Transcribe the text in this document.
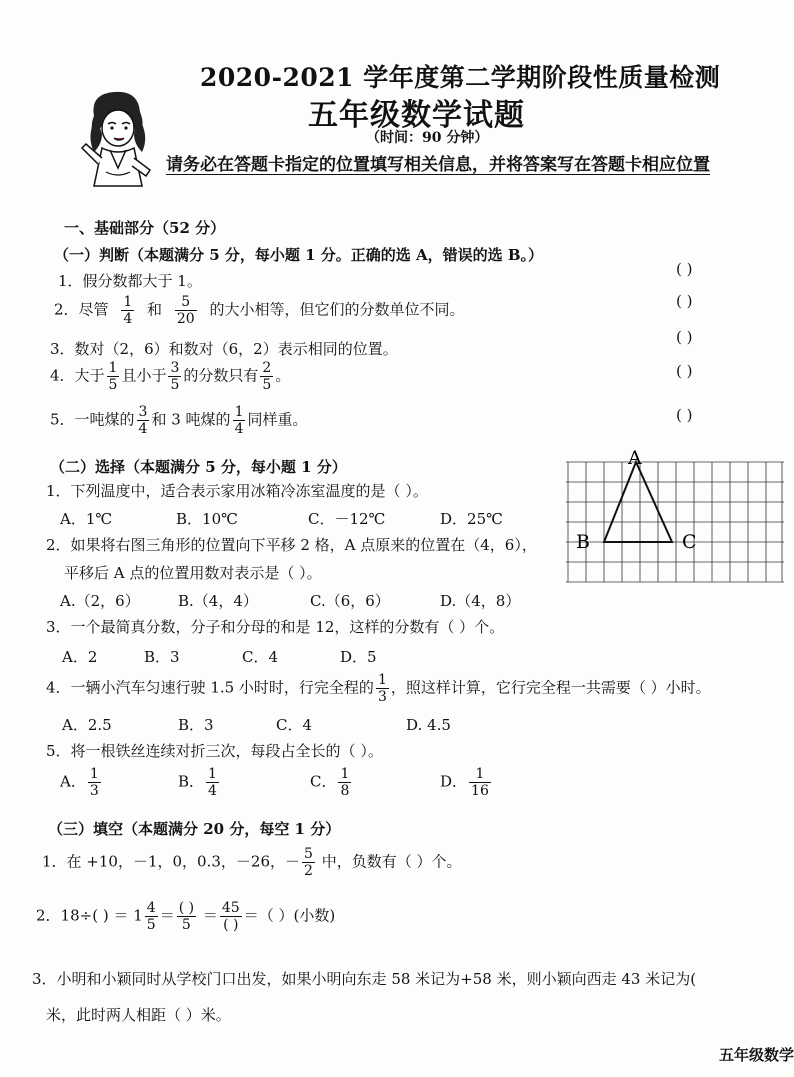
2020-2021 学年度第二学期阶段性质量检测
五年级数学试题
（时间：90 分钟）
请务必在答题卡指定的位置填写相关信息，并将答案写在答题卡相应位置
一、基础部分（52 分）
（一）判断（本题满分 5 分，每小题 1 分。正确的选 A，错误的选 B。）
1．假分数都大于 1。
( )
2．尽管 $\frac{1}{4}$ 和 $\frac{5}{20}$ 的大小相等，但它们的分数单位不同。	( )
3．数对（2，6）和数对（6，2）表示相同的位置。
( )
4．大于 $\frac{1}{5}$ 且小于 $\frac{3}{5}$ 的分数只有 $\frac{2}{5}$ 。	( )
5．一吨煤的 $\frac{3}{4}$ 和 3 吨煤的 $\frac{1}{4}$ 同样重。	( )
（二）选择（本题满分 5 分，每小题 1 分）
1．下列温度中，适合表示家用冰箱冷冻室温度的是（ ）。
A．1℃	B．10℃	C．－12℃	D．25℃
2．如果将右图三角形的位置向下平移 2 格，A 点原来的位置在（4，6），
平移后 A 点的位置用数对表示是（ ）。
A.（2，6）	B.（4，4）	C.（6，6）	D.（4，8）
3．一个最简真分数，分子和分母的和是 12，这样的分数有（ ）个。
A．2	B．3	C．4	D．5
4．一辆小汽车匀速行驶 1.5 小时时，行完全程的 $\frac{1}{3}$ ，照这样计算，它行完全程一共需要（ ）小时。
A．2.5	B．3	C．4	D. 4.5
5．将一根铁丝连续对折三次，每段占全长的（ ）。
A． $\frac{1}{3}$	B． $\frac{1}{4}$	C． $\frac{1}{8}$	D． $\frac{1}{16}$
A
B	C
（三）填空（本题满分 20 分，每空 1 分）
1．在 +10，－1，0，0.3，－26，－ $\frac{5}{2}$ 中，负数有（ ）个。
2．18÷( ) ＝ $1 \frac{4}{5} = \frac{( )}{5} = \frac{45}{( )}$ ＝（ ）(小数)
3．小明和小颖同时从学校门口出发，如果小明向东走 58 米记为+58 米，则小颖向西走 43 米记为(
米，此时两人相距（ ）米。
五年级数学
